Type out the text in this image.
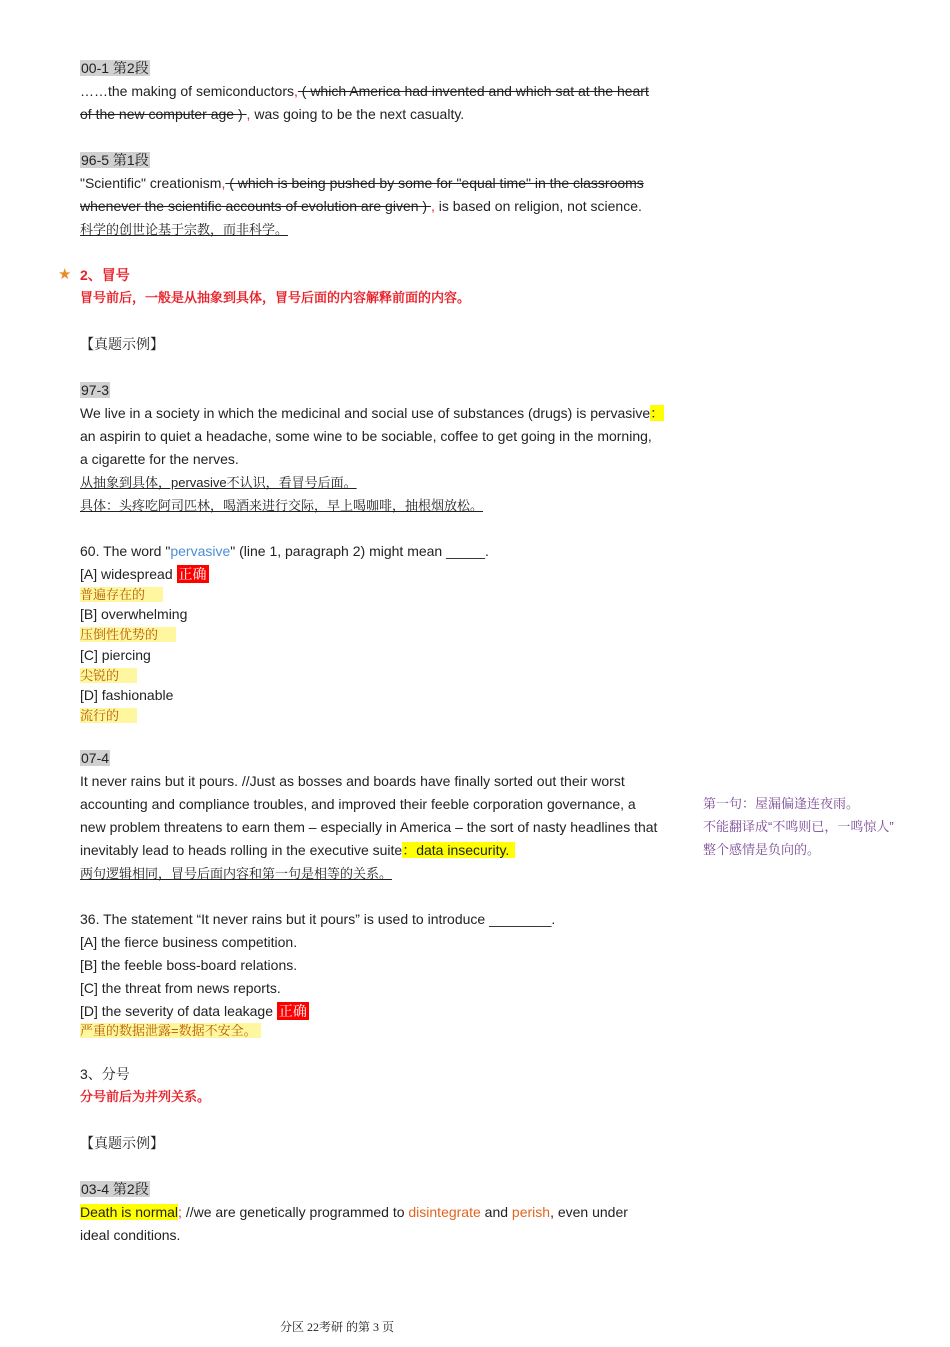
00-1 第2段
……the making of semiconductors, ( which America had invented and which sat at the heart
of the new computer age ) , was going to be the next casualty.
96-5 第1段
"Scientific" creationism, ( which is being pushed by some for "equal time" in the classrooms
whenever the scientific accounts of evolution are given ) , is based on religion, not science.
科学的创世论基于宗教，而非科学。
★ 2、冒号
冒号前后，一般是从抽象到具体，冒号后面的内容解释前面的内容。
【真题示例】
97-3
We live in a society in which the medicinal and social use of substances (drugs) is pervasive：
an aspirin to quiet a headache, some wine to be sociable, coffee to get going in the morning,
a cigarette for the nerves.
从抽象到具体，pervasive不认识，看冒号后面。
具体：头疼吃阿司匹林，喝酒来进行交际，早上喝咖啡，抽根烟放松。
60. The word "pervasive" (line 1, paragraph 2) might mean _____.
[A] widespread 正确
普遍存在的
[B] overwhelming
压倒性优势的
[C] piercing
尖锐的
[D] fashionable
流行的
07-4
It never rains but it pours. //Just as bosses and boards have finally sorted out their worst
accounting and compliance troubles, and improved their feeble corporation governance, a
new problem threatens to earn them – especially in America – the sort of nasty headlines that
inevitably lead to heads rolling in the executive suite：data insecurity.
两句逻辑相同，冒号后面内容和第一句是相等的关系。
第一句：屋漏偏逢连夜雨。
不能翻译成“不鸣则已，一鸣惊人”
整个感情是负向的。
36. The statement “It never rains but it pours” is used to introduce ________.
[A] the fierce business competition.
[B] the feeble boss-board relations.
[C] the threat from news reports.
[D] the severity of data leakage 正确
严重的数据泄露=数据不安全。
3、分号
分号前后为并列关系。
【真题示例】
03-4 第2段
Death is normal; //we are genetically programmed to disintegrate and perish, even under
ideal conditions.
分区 22考研 的第 3 页
